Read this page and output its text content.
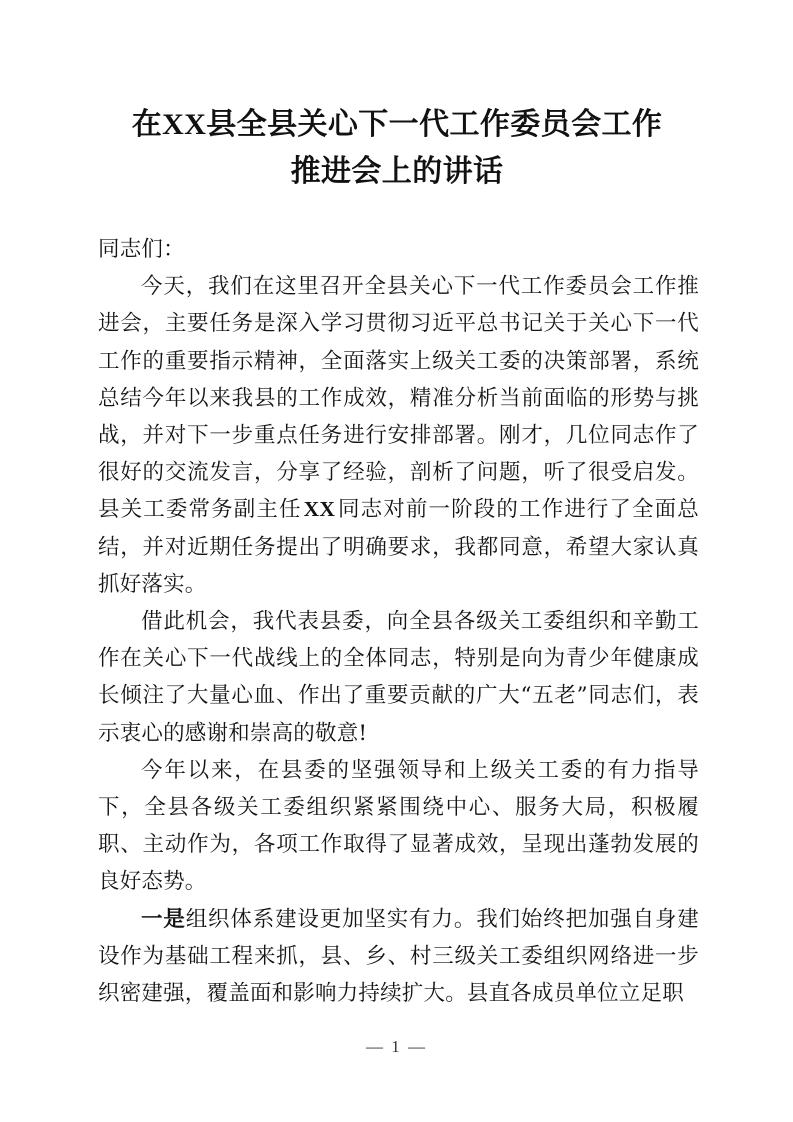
在XX县全县关心下一代工作委员会工作
推进会上的讲话

同志们：

今天，我们在这里召开全县关心下一代工作委员会工作推进会，主要任务是深入学习贯彻习近平总书记关于关心下一代工作的重要指示精神，全面落实上级关工委的决策部署，系统总结今年以来我县的工作成效，精准分析当前面临的形势与挑战，并对下一步重点任务进行安排部署。刚才，几位同志作了很好的交流发言，分享了经验，剖析了问题，听了很受启发。县关工委常务副主任XX同志对前一阶段的工作进行了全面总结，并对近期任务提出了明确要求，我都同意，希望大家认真抓好落实。

借此机会，我代表县委，向全县各级关工委组织和辛勤工作在关心下一代战线上的全体同志，特别是向为青少年健康成长倾注了大量心血、作出了重要贡献的广大“五老”同志们，表示衷心的感谢和崇高的敬意!

今年以来，在县委的坚强领导和上级关工委的有力指导下，全县各级关工委组织紧紧围绕中心、服务大局，积极履职、主动作为，各项工作取得了显著成效，呈现出蓬勃发展的良好态势。

一是组织体系建设更加坚实有力。我们始终把加强自身建设作为基础工程来抓，县、乡、村三级关工委组织网络进一步织密建强，覆盖面和影响力持续扩大。县直各成员单位立足职

— 1 —
